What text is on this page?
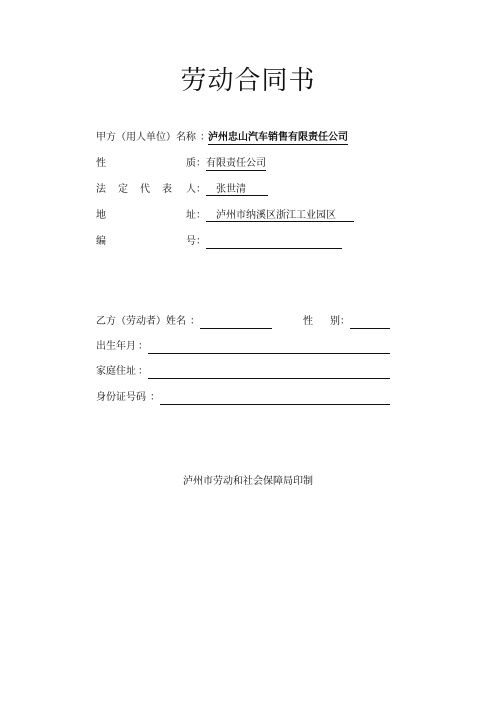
劳动合同书
甲方（用人单位）名称 ：
泸州忠山汽车销售有限责任公司
性	质 ： 有限责任公司
法 定 代 表 人 ：	张世清
地	址 ：	泸州市纳溪区浙江工业园区
编	号 ：
乙方（劳动者）姓名 ：	性 别 ：
出生年月 ：
家庭住址 ：
身份证号码 ：
泸州市劳动和社会保障局印制
